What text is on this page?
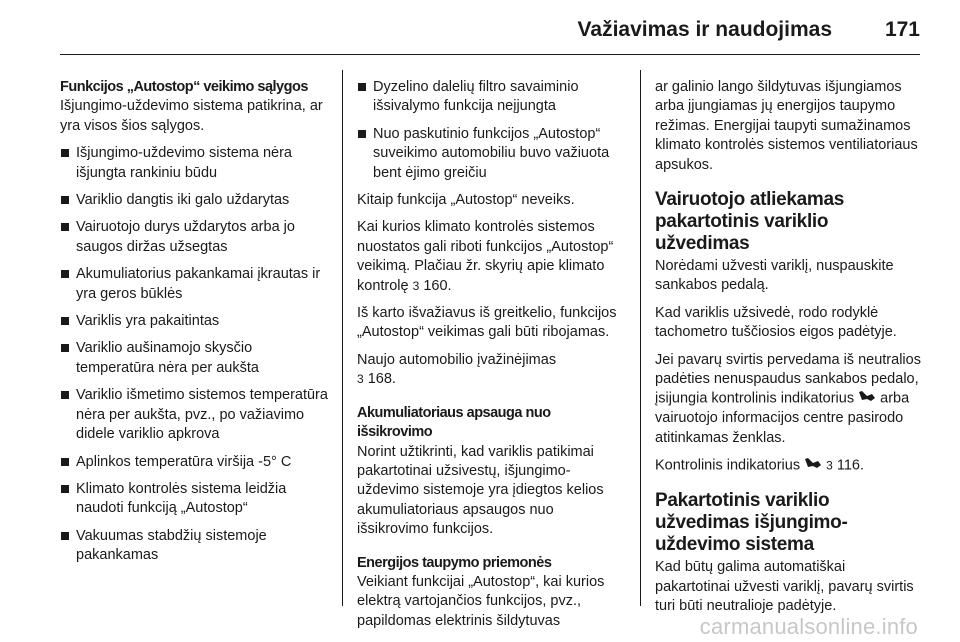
Važiavimas ir naudojimas	171
Funkcijos „Autostop“ veikimo sąlygos

Išjungimo-uždevimo sistema patikrina, ar yra visos šios sąlygos.

Išjungimo-uždevimo sistema nėra išjungta rankiniu būdu
Variklio dangtis iki galo uždarytas
Vairuotojo durys uždarytos arba jo saugos diržas užsegtas
Akumuliatorius pakankamai įkrautas ir yra geros būklės
Variklis yra pakaitintas
Variklio aušinamojo skysčio temperatūra nėra per aukšta
Variklio išmetimo sistemos temperatūra nėra per aukšta, pvz., po važiavimo didele variklio apkrova
Aplinkos temperatūra viršija -5° C
Klimato kontrolės sistema leidžia naudoti funkciją „Autostop“
Vakuumas stabdžių sistemoje pakankamas
Dyzelino dalelių filtro savaiminio išsivalymo funkcija neįjungta
Nuo paskutinio funkcijos „Autostop“ suveikimo automobiliu buvo važiuota bent ėjimo greičiu

Kitaip funkcija „Autostop“ neveiks.

Kai kurios klimato kontrolės sistemos nuostatos gali riboti funkcijos „Autostop“ veikimą. Plačiau žr. skyrių apie klimato kontrolę 3 160.

Iš karto išvažiavus iš greitkelio, funkcijos „Autostop“ veikimas gali būti ribojamas.

Naujo automobilio įvažinėjimas
3 168.

Akumuliatoriaus apsauga nuo išsikrovimo

Norint užtikrinti, kad variklis patikimai pakartotinai užsivestų, išjungimo-uždevimo sistemoje yra įdiegtos kelios akumuliatoriaus apsaugos nuo išsikrovimo funkcijos.

Energijos taupymo priemonės

Veikiant funkcijai „Autostop“, kai kurios elektrą vartojančios funkcijos, pvz., papildomas elektrinis šildytuvas

ar galinio lango šildytuvas išjungiamos arba įjungiamas jų energijos taupymo režimas. Energijai taupyti sumažinamos klimato kontrolės sistemos ventiliatoriaus apsukos.

Vairuotojo atliekamas pakartotinis variklio užvedimas

Norėdami užvesti variklį, nuspauskite sankabos pedalą.

Kad variklis užsivedė, rodo rodyklė tachometro tuščiosios eigos padėtyje.

Jei pavarų svirtis pervedama iš neutralios padėties nenuspaudus sankabos pedalo, įsijungia kontrolinis indikatorius  arba vairuotojo informacijos centre pasirodo atitinkamas ženklas.

Kontrolinis indikatorius 3 116.

Pakartotinis variklio užvedimas išjungimo-uždevimo sistema

Kad būtų galima automatiškai pakartotinai užvesti variklį, pavarų svirtis turi būti neutralioje padėtyje.

carmanualsonline.info
